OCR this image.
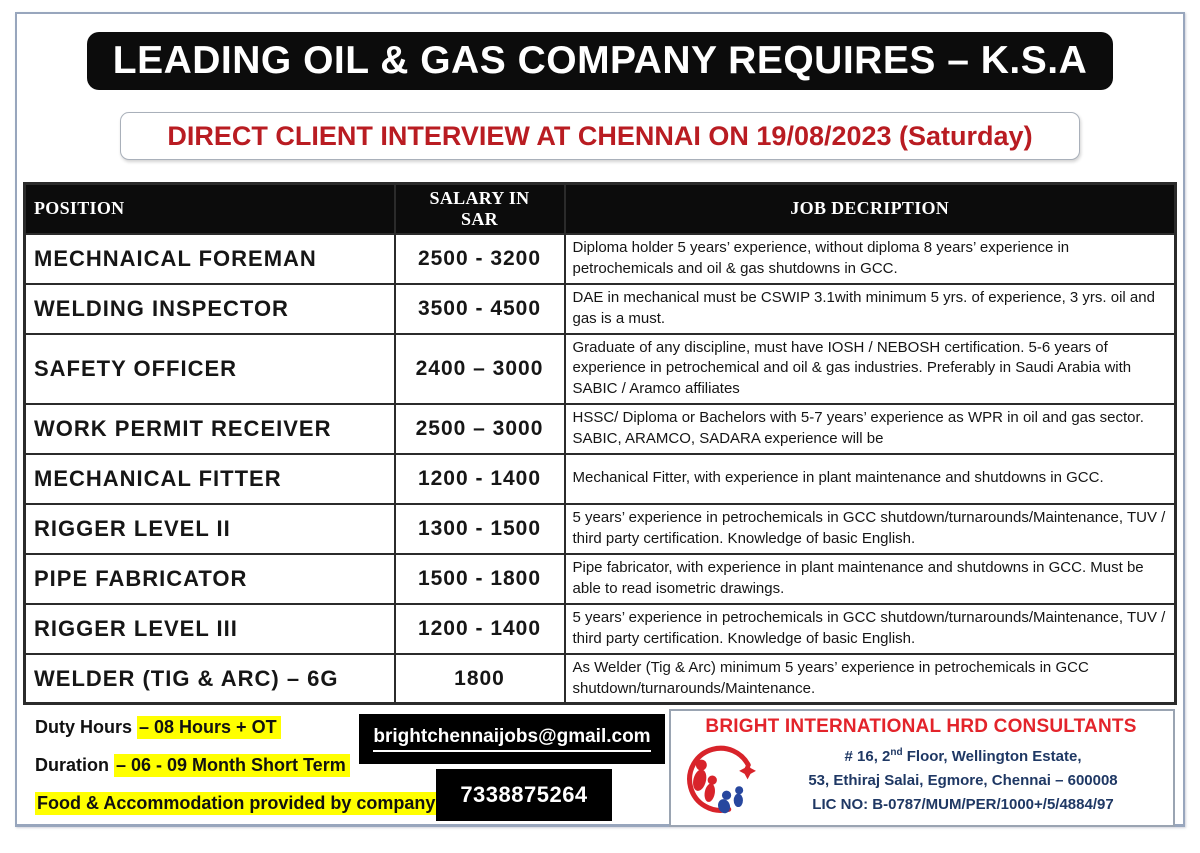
LEADING OIL & GAS COMPANY REQUIRES – K.S.A
DIRECT CLIENT INTERVIEW AT CHENNAI ON 19/08/2023 (Saturday)
POSITION	SALARY IN SAR	JOB DECRIPTION
MECHNAICAL FOREMAN	2500 - 3200	Diploma holder 5 years’ experience, without diploma 8 years’ experience in petrochemicals and oil & gas shutdowns in GCC.
WELDING INSPECTOR	3500 - 4500	DAE in mechanical must be CSWIP 3.1with minimum 5 yrs. of experience, 3 yrs. oil and gas is a must.
SAFETY OFFICER	2400 – 3000	Graduate of any discipline, must have IOSH / NEBOSH certification. 5-6 years of experience in petrochemical and oil & gas industries. Preferably in Saudi Arabia with SABIC / Aramco affiliates
WORK PERMIT RECEIVER	2500 – 3000	HSSC/ Diploma or Bachelors with 5-7 years’ experience as WPR in oil and gas sector. SABIC, ARAMCO, SADARA experience will be
MECHANICAL FITTER	1200 - 1400	Mechanical Fitter, with experience in plant maintenance and shutdowns in GCC.
RIGGER LEVEL II	1300 - 1500	5 years’ experience in petrochemicals in GCC shutdown/turnarounds/Maintenance, TUV / third party certification. Knowledge of basic English.
PIPE FABRICATOR	1500 - 1800	Pipe fabricator, with experience in plant maintenance and shutdowns in GCC. Must be able to read isometric drawings.
RIGGER LEVEL III	1200 - 1400	5 years’ experience in petrochemicals in GCC shutdown/turnarounds/Maintenance, TUV / third party certification. Knowledge of basic English.
WELDER (TIG & ARC) – 6G	1800	As Welder (Tig & Arc) minimum 5 years’ experience in petrochemicals in GCC shutdown/turnarounds/Maintenance.
Duty Hours – 08 Hours + OT
Duration – 06 - 09 Month Short Term
Food & Accommodation provided by company
brightchennaijobs@gmail.com
7338875264
BRIGHT INTERNATIONAL HRD CONSULTANTS
# 16, 2nd Floor, Wellington Estate,
53, Ethiraj Salai, Egmore, Chennai – 600008
LIC NO: B-0787/MUM/PER/1000+/5/4884/97
